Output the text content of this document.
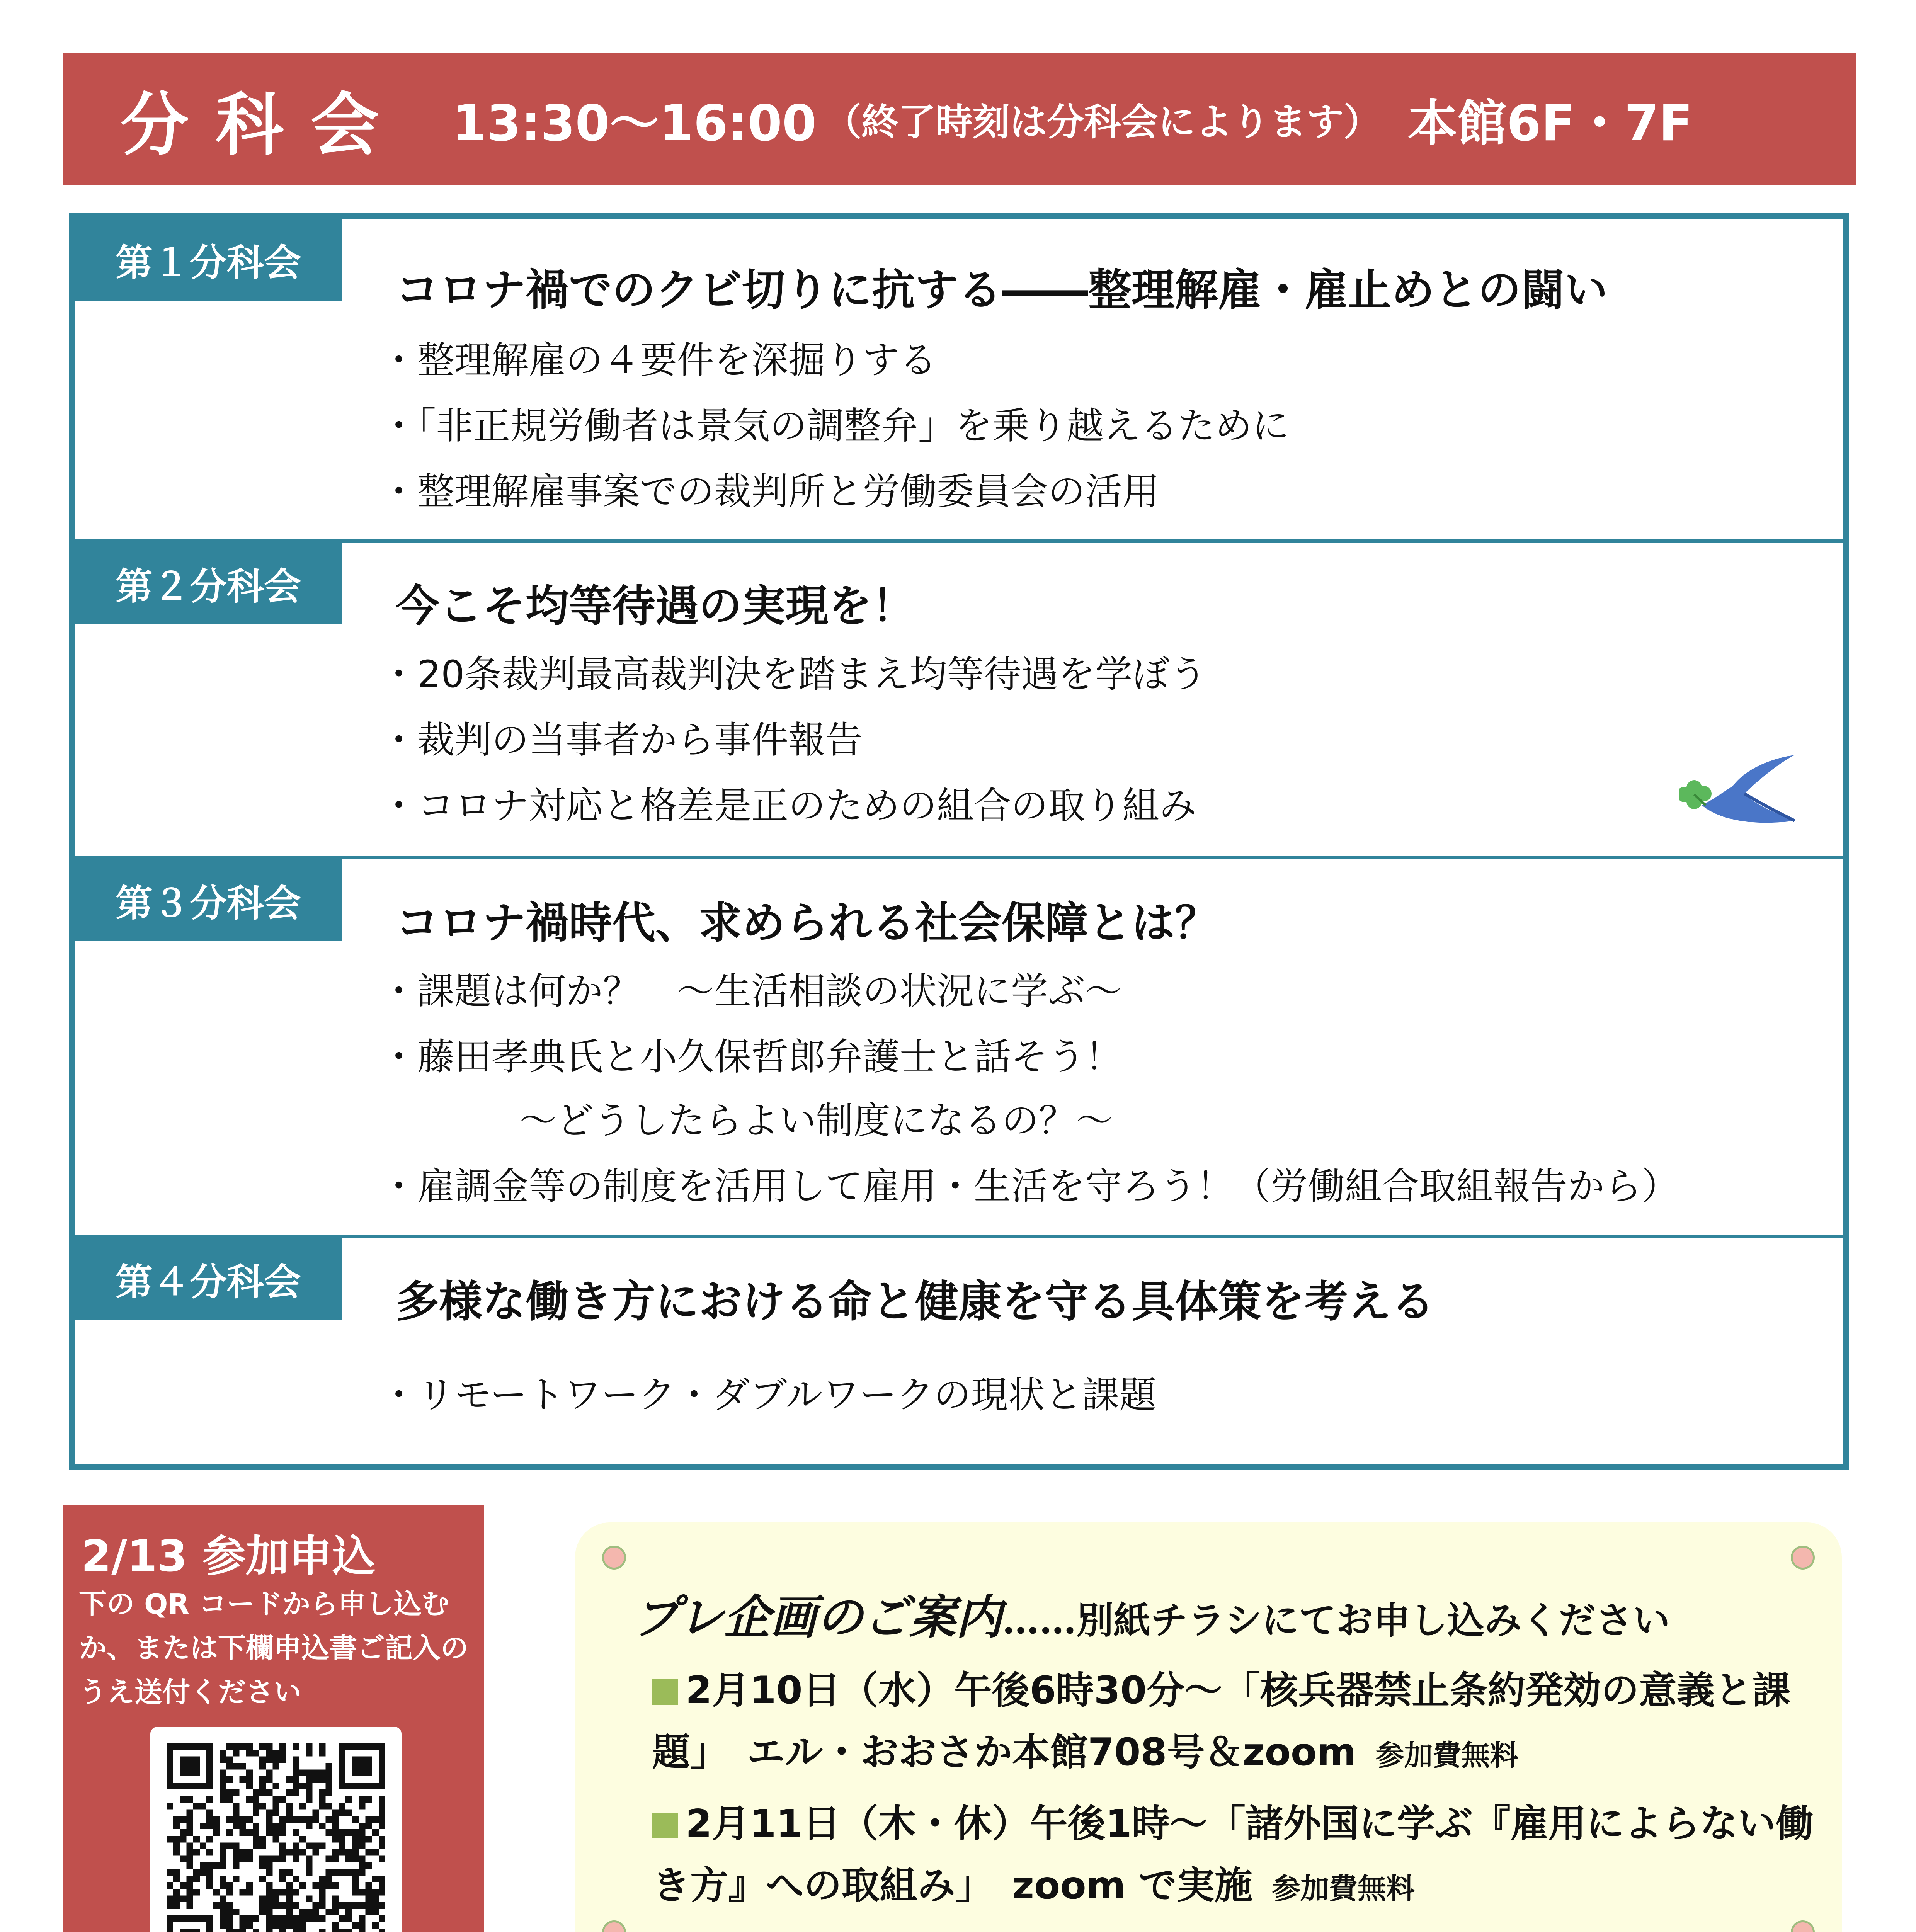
分科会 13:30〜16:00 （終了時刻は分科会によります） 本館6F・7F
第１分科会
コロナ禍でのクビ切りに抗する――整理解雇・雇止めとの闘い
・整理解雇の４要件を深掘りする
・「非正規労働者は景気の調整弁」を乗り越えるために
・整理解雇事案での裁判所と労働委員会の活用
第２分科会	今こそ均等待遇の実現を！
・20条裁判最高裁判決を踏まえ均等待遇を学ぼう
・裁判の当事者から事件報告
・コロナ対応と格差是正のための組合の取り組み
第３分科会	コロナ禍時代、求められる社会保障とは？
・課題は何か？　〜生活相談の状況に学ぶ〜
・藤田孝典氏と小久保哲郎弁護士と話そう！
〜どうしたらよい制度になるの？〜
・雇調金等の制度を活用して雇用・生活を守ろう！（労働組合取組報告から）
第４分科会	多様な働き方における命と健康を守る具体策を考える
・リモートワーク・ダブルワークの現状と課題
2/13 参加申込
下の QR コードから申し込むか、または下欄申込書ご記入のうえ送付ください
プレ企画のご案内……別紙チラシにてお申し込みください
2月10日（水）午後6時30分〜「核兵器禁止条約発効の意義と課題」　エル・おおさか本館708号＆zoom 参加費無料
2月11日（木・休）午後1時〜「諸外国に学ぶ『雇用によらない働き方』への取組み」　zoom で実施 参加費無料
